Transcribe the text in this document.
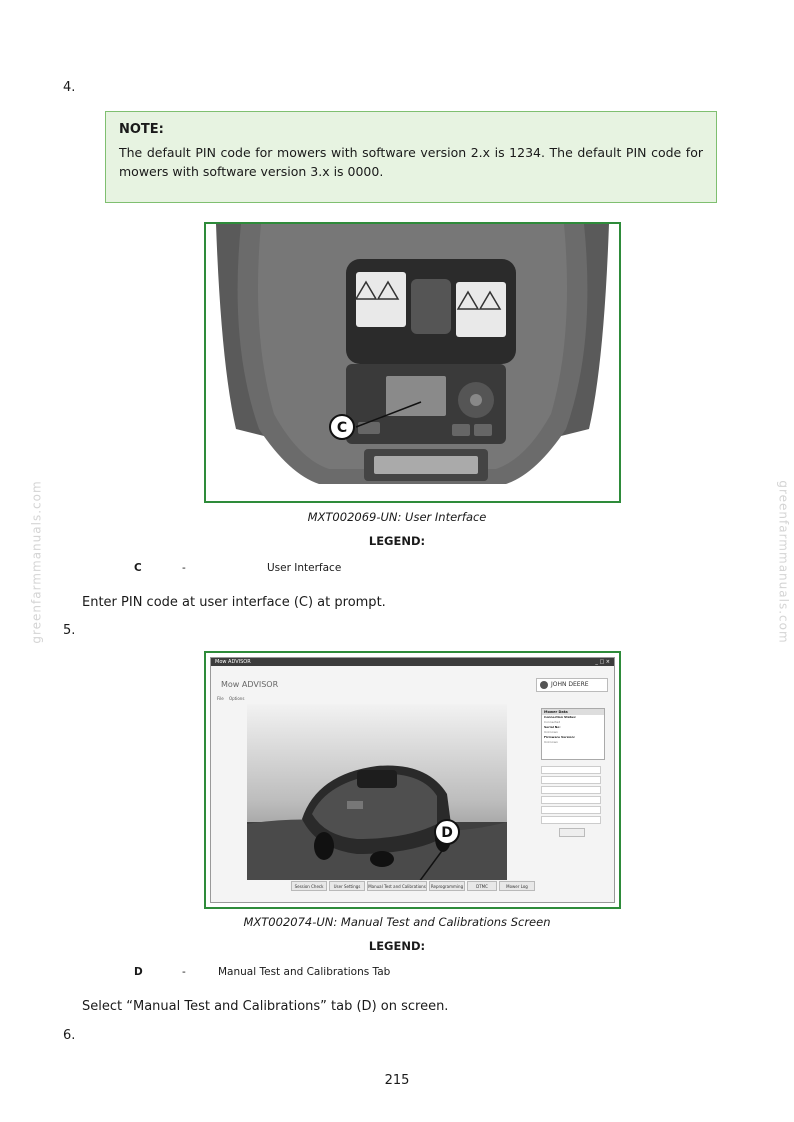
greenfarmmanuals.com	greenfarmmanuals.com
4.
NOTE:
The default PIN code for mowers with software version 2.x is 1234. The default PIN code for mowers with software version 3.x is 0000.
C
MXT002069-UN: User Interface
LEGEND:
C	-	User Interface
Enter PIN code at user interface (C) at prompt.
5.
Mow ADVISOR	_ □ ×
Mow ADVISOR	JOHN DEERE
File Options
D
Mower Data
Connection Status:
Connected
Serial No:
Unknown
Firmware Version:
Unknown
Session Check	User Settings	Manual Test and Calibrations	Reprogramming	DTMC	Mower Log
MXT002074-UN: Manual Test and Calibrations Screen
LEGEND:
D	-	Manual Test and Calibrations Tab
Select “Manual Test and Calibrations” tab (D) on screen.
6.
215
